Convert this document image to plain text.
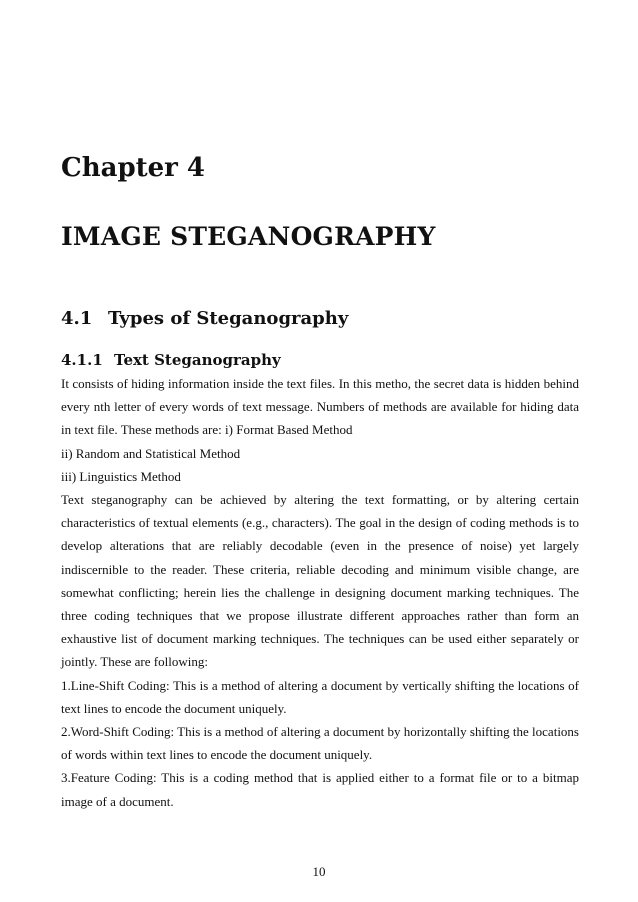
Chapter 4
IMAGE STEGANOGRAPHY
4.1 Types of Steganography
4.1.1 Text Steganography

It consists of hiding information inside the text files. In this metho, the secret data is hidden behind every nth letter of every words of text message. Numbers of methods are available for hiding data in text file. These methods are: i) Format Based Method

ii) Random and Statistical Method

iii) Linguistics Method

Text steganography can be achieved by altering the text formatting, or by altering certain characteristics of textual elements (e.g., characters). The goal in the design of coding methods is to develop alterations that are reliably decodable (even in the presence of noise) yet largely indiscernible to the reader. These criteria, reliable decoding and minimum visible change, are somewhat conflicting; herein lies the challenge in designing document marking techniques. The three coding techniques that we propose illustrate different approaches rather than form an exhaustive list of document marking techniques. The techniques can be used either separately or jointly. These are following:

1.Line-Shift Coding: This is a method of altering a document by vertically shifting the locations of text lines to encode the document uniquely.

2.Word-Shift Coding: This is a method of altering a document by horizontally shifting the locations of words within text lines to encode the document uniquely.

3.Feature Coding: This is a coding method that is applied either to a format file or to a bitmap image of a document.

10
